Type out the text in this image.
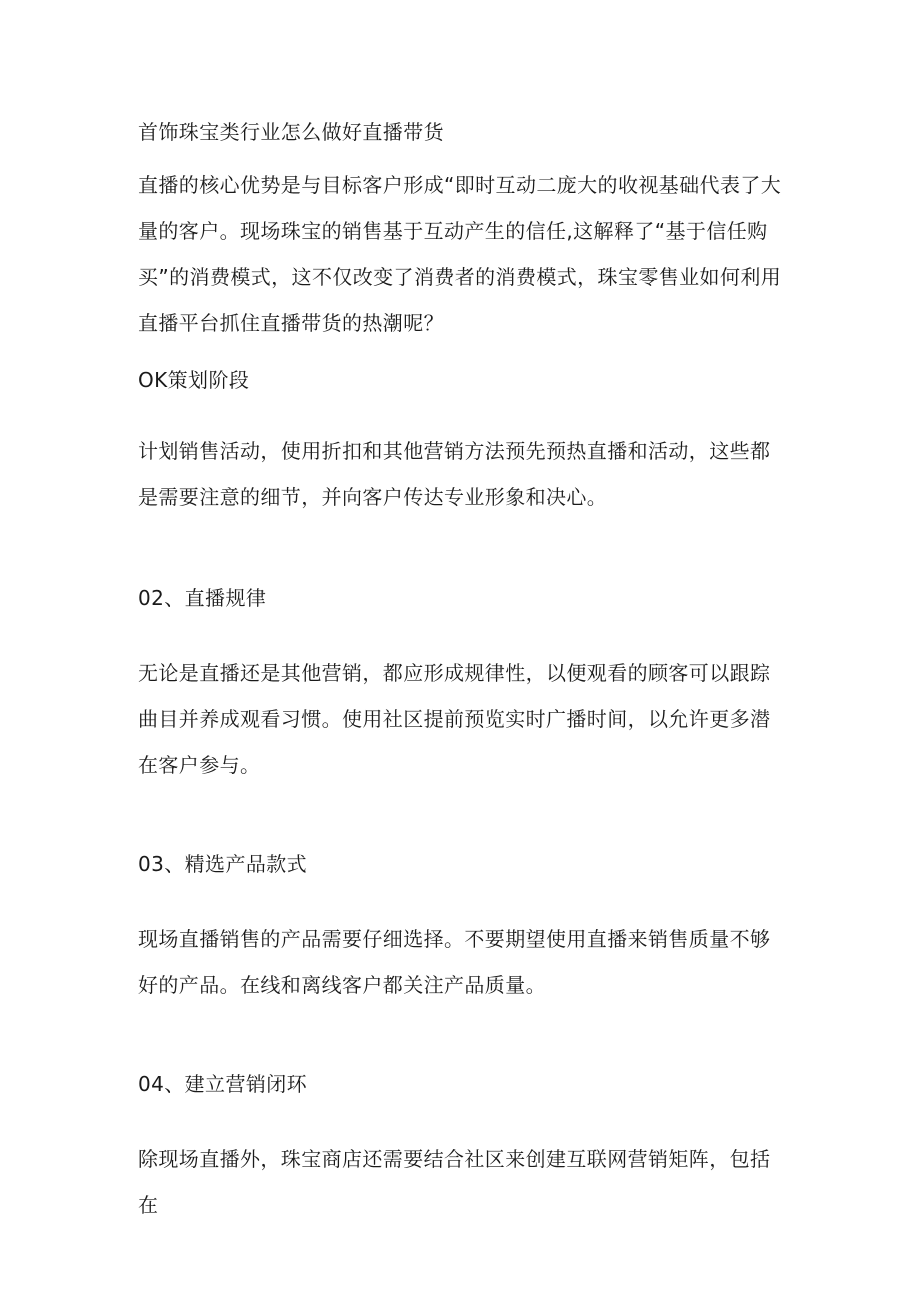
首饰珠宝类行业怎么做好直播带货

直播的核心优势是与目标客户形成“即时互动二庞大的收视基础代表了大量的客户。现场珠宝的销售基于互动产生的信任,这解释了“基于信任购买”的消费模式，这不仅改变了消费者的消费模式，珠宝零售业如何利用直播平台抓住直播带货的热潮呢？

OK策划阶段

计划销售活动，使用折扣和其他营销方法预先预热直播和活动，这些都是需要注意的细节，并向客户传达专业形象和决心。

02、直播规律

无论是直播还是其他营销，都应形成规律性，以便观看的顾客可以跟踪曲目并养成观看习惯。使用社区提前预览实时广播时间，以允许更多潜在客户参与。

03、精选产品款式

现场直播销售的产品需要仔细选择。不要期望使用直播来销售质量不够好的产品。在线和离线客户都关注产品质量。

04、建立营销闭环

除现场直播外，珠宝商店还需要结合社区来创建互联网营销矩阵，包括在
